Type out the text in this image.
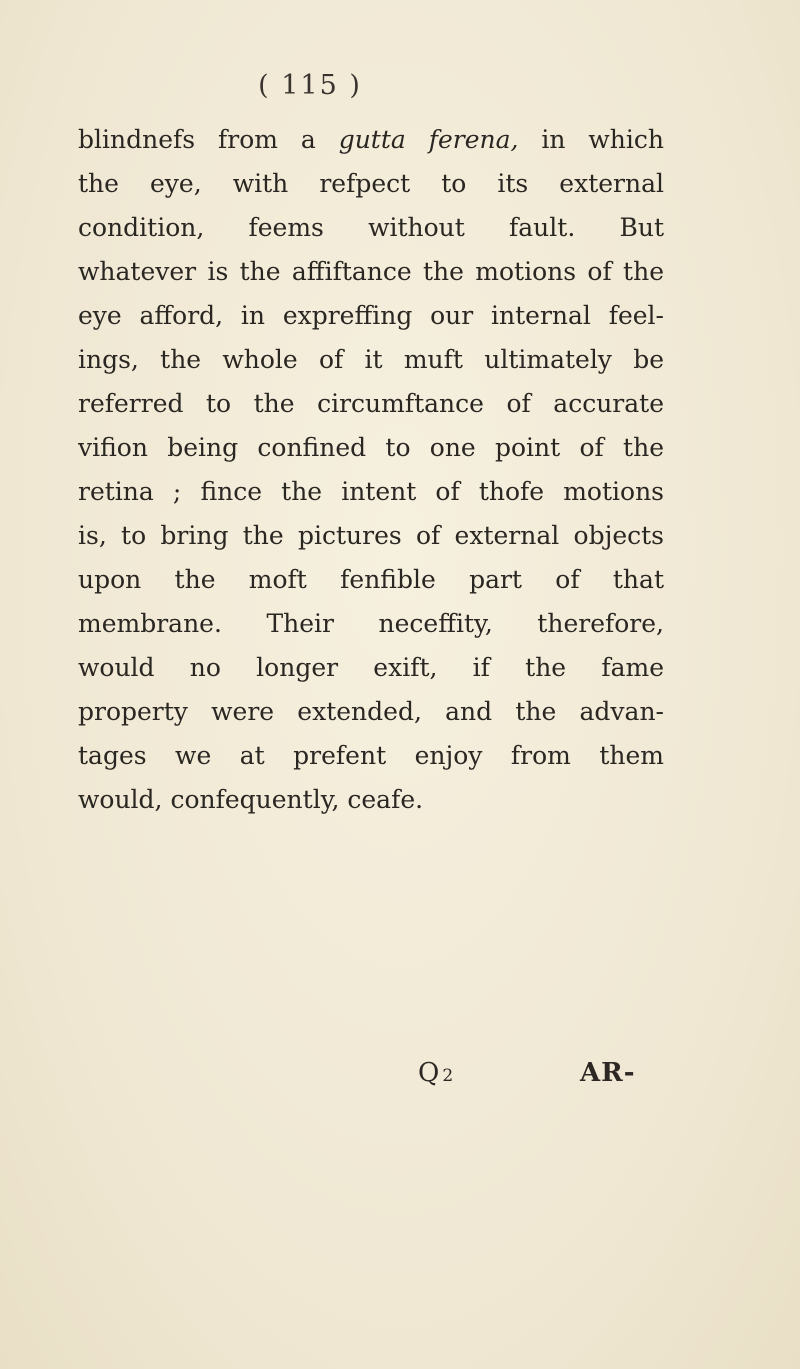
( 115 )
blindnefs from a gutta ferena, in which
the eye, with refpect to its external
condition, feems without fault. But
whatever is the affiftance the motions of the
eye afford, in expreffing our internal feel-
ings, the whole of it muft ultimately be
referred to the circumftance of accurate
vifion being confined to one point of the
retina ; fince the intent of thofe motions
is, to bring the pictures of external objects
upon the moft fenfible part of that
membrane. Their neceffity, therefore,
would no longer exift, if the fame
property were extended, and the advan-
tages we at prefent enjoy from them
would, confequently, ceafe.
Q 2	AR-
